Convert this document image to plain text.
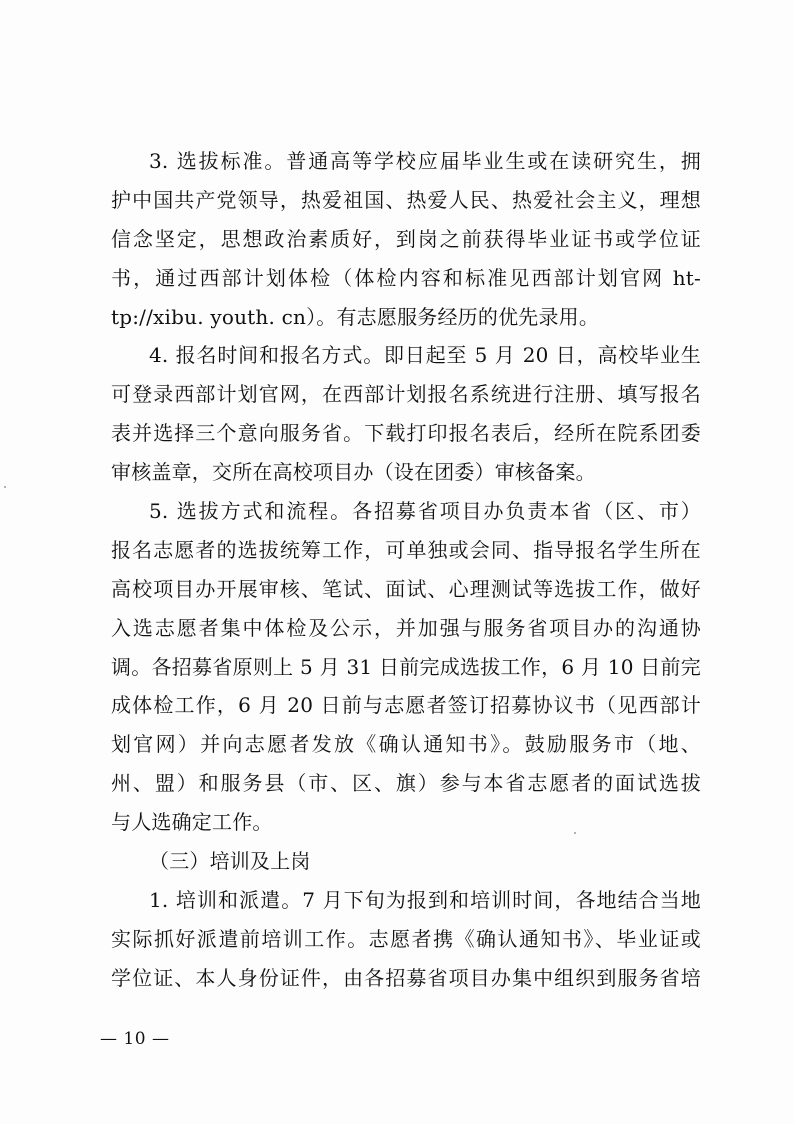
3. 选拔标准。普通高等学校应届毕业生或在读研究生，拥
护中国共产党领导，热爱祖国、热爱人民、热爱社会主义，理想
信念坚定，思想政治素质好，到岗之前获得毕业证书或学位证
书，通过西部计划体检（体检内容和标准见西部计划官网 ht-
tp://xibu. youth. cn）。有志愿服务经历的优先录用。
4. 报名时间和报名方式。即日起至 5 月 20 日，高校毕业生
可登录西部计划官网，在西部计划报名系统进行注册、填写报名
表并选择三个意向服务省。下载打印报名表后，经所在院系团委
审核盖章，交所在高校项目办（设在团委）审核备案。
5. 选拔方式和流程。各招募省项目办负责本省（区、市）
报名志愿者的选拔统筹工作，可单独或会同、指导报名学生所在
高校项目办开展审核、笔试、面试、心理测试等选拔工作，做好
入选志愿者集中体检及公示，并加强与服务省项目办的沟通协
调。各招募省原则上 5 月 31 日前完成选拔工作，6 月 10 日前完
成体检工作，6 月 20 日前与志愿者签订招募协议书（见西部计
划官网）并向志愿者发放《确认通知书》。鼓励服务市（地、
州、盟）和服务县（市、区、旗）参与本省志愿者的面试选拔
与人选确定工作。
（三）培训及上岗
1. 培训和派遣。7 月下旬为报到和培训时间，各地结合当地
实际抓好派遣前培训工作。志愿者携《确认通知书》、毕业证或
学位证、本人身份证件，由各招募省项目办集中组织到服务省培
— 10 —
